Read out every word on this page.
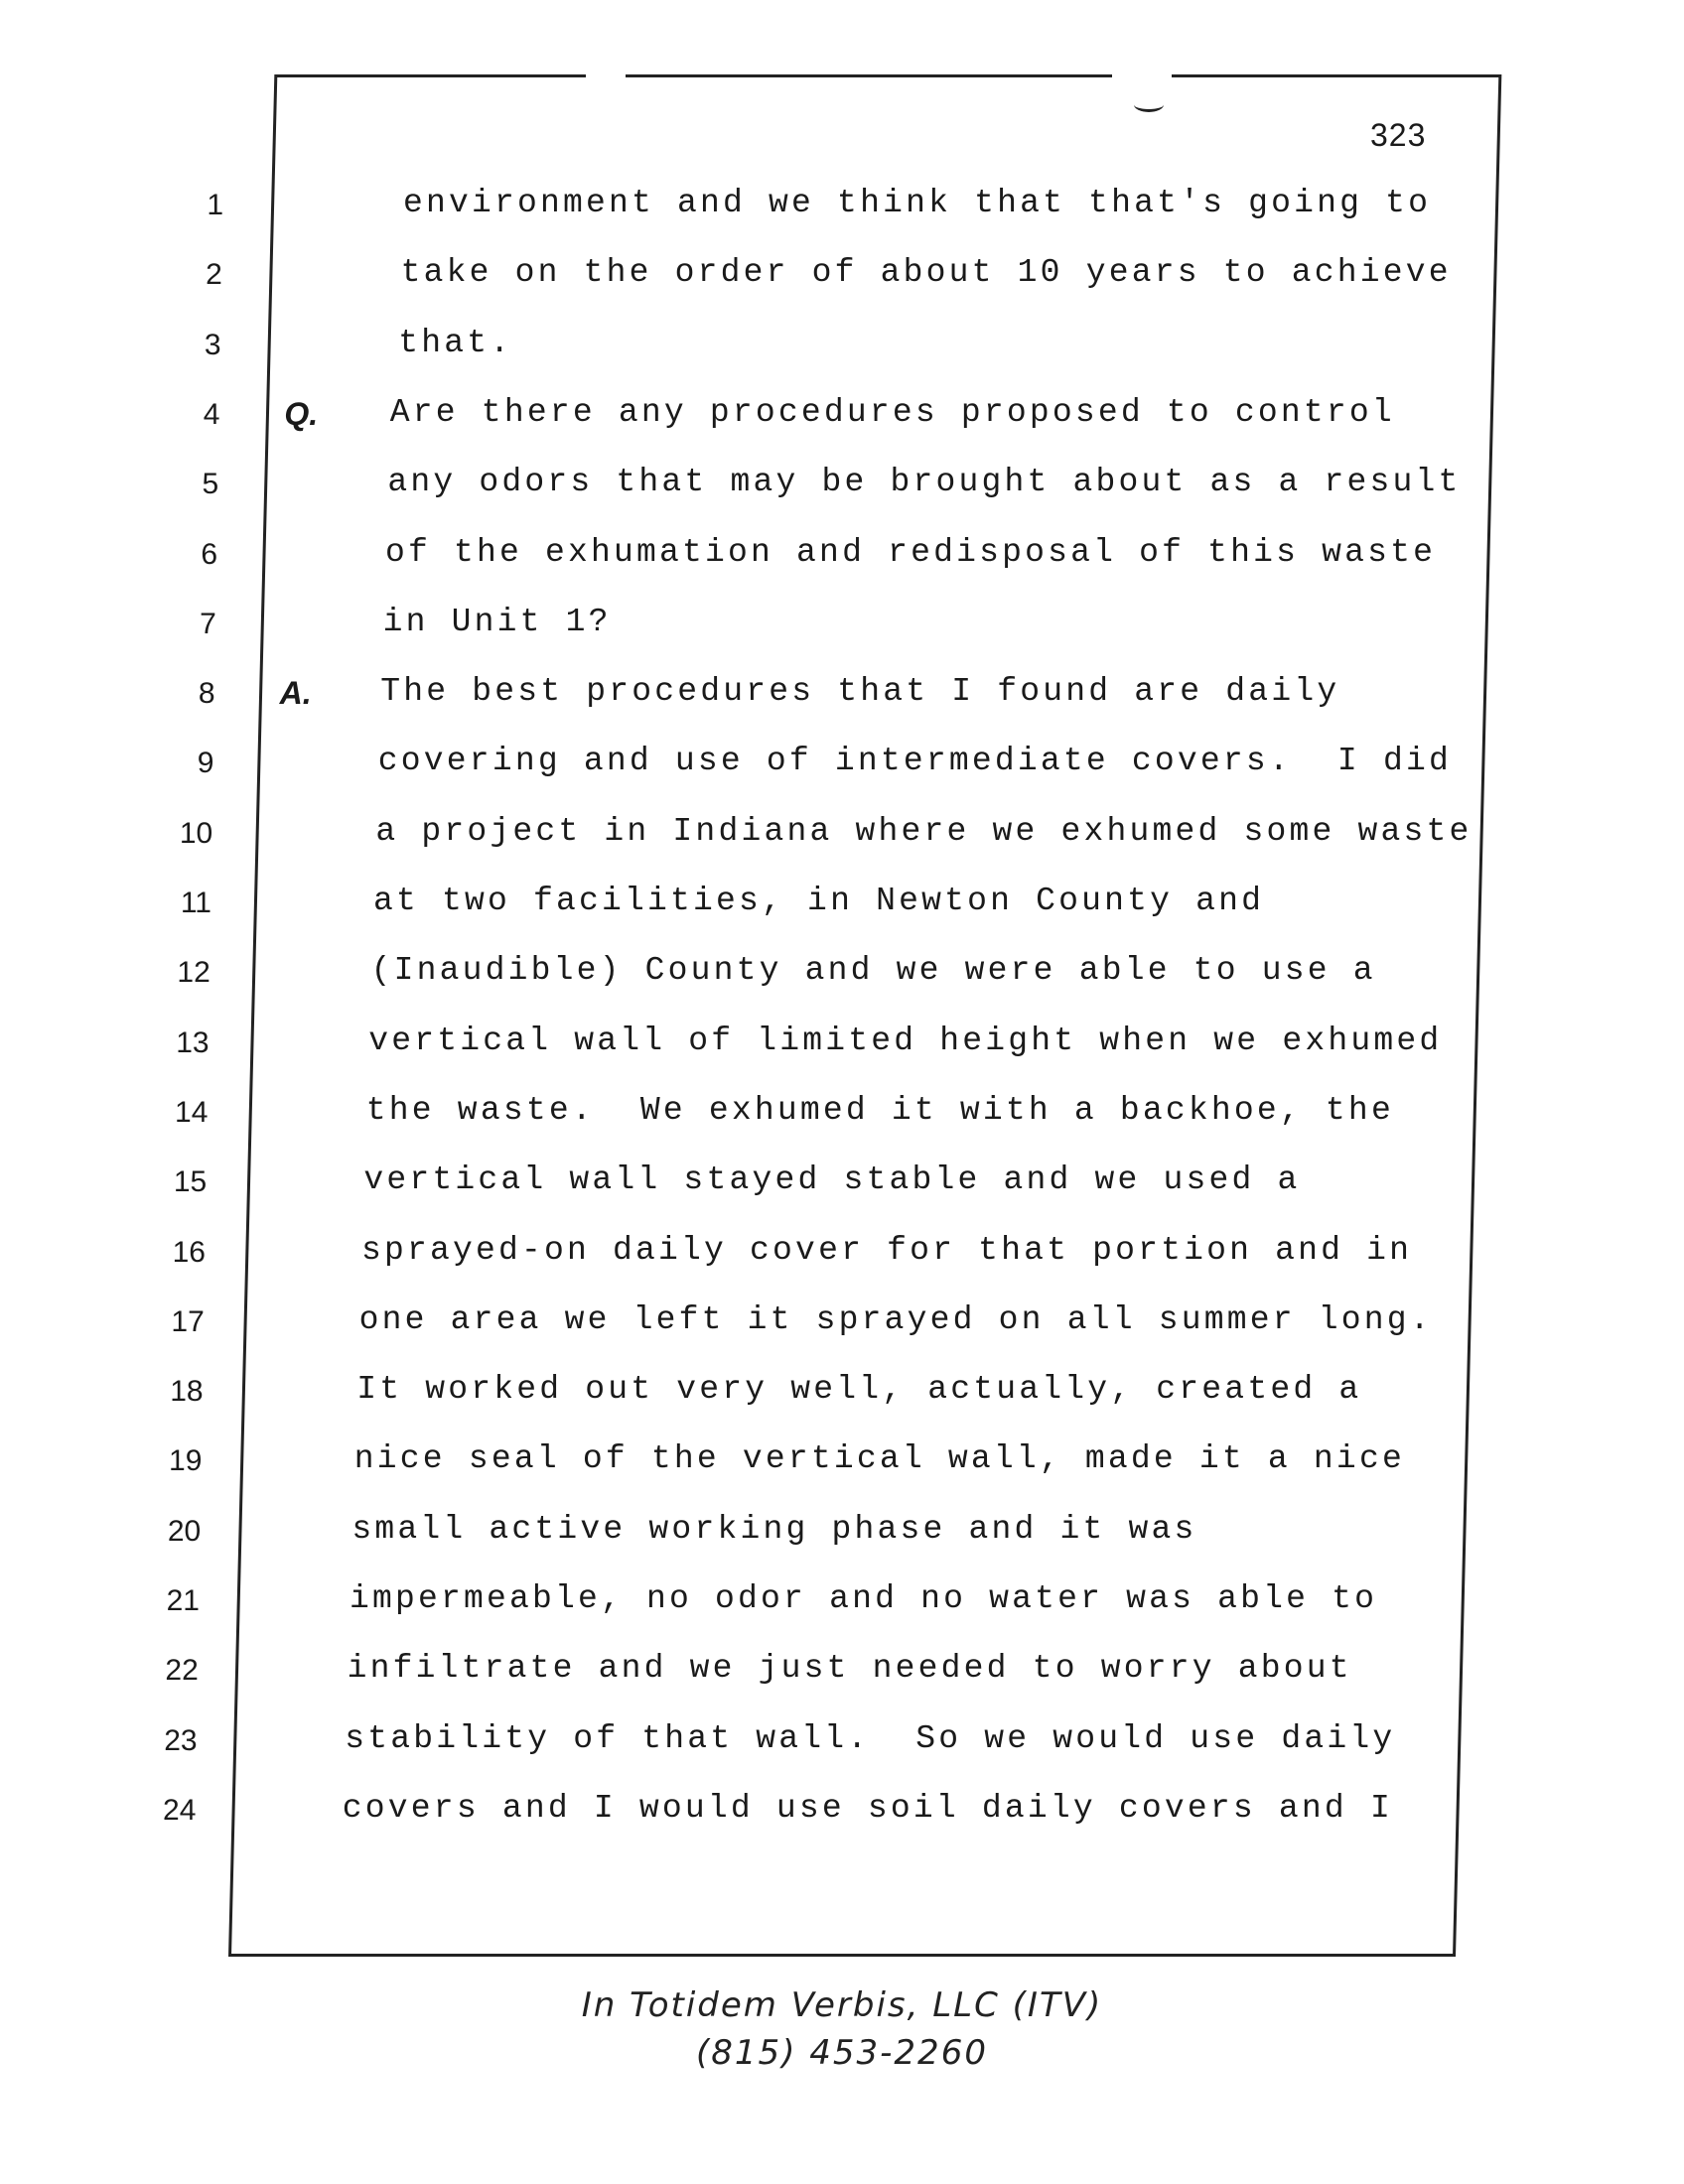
323
1	environment and we think that that's going to
2	take on the order of about 10 years to achieve
3	that.
4 Q. Are there any procedures proposed to control
5	any odors that may be brought about as a result
6	of the exhumation and redisposal of this waste
7	in Unit 1?
8 A. The best procedures that I found are daily
9	covering and use of intermediate covers.  I did
10	a project in Indiana where we exhumed some waste
11	at two facilities, in Newton County and
12	(Inaudible) County and we were able to use a
13	vertical wall of limited height when we exhumed
14	the waste.  We exhumed it with a backhoe, the
15	vertical wall stayed stable and we used a
16	sprayed-on daily cover for that portion and in
17	one area we left it sprayed on all summer long.
18	It worked out very well, actually, created a
19	nice seal of the vertical wall, made it a nice
20	small active working phase and it was
21	impermeable, no odor and no water was able to
22	infiltrate and we just needed to worry about
23	stability of that wall.  So we would use daily
24	covers and I would use soil daily covers and I
In Totidem Verbis, LLC (ITV)
(815) 453-2260
